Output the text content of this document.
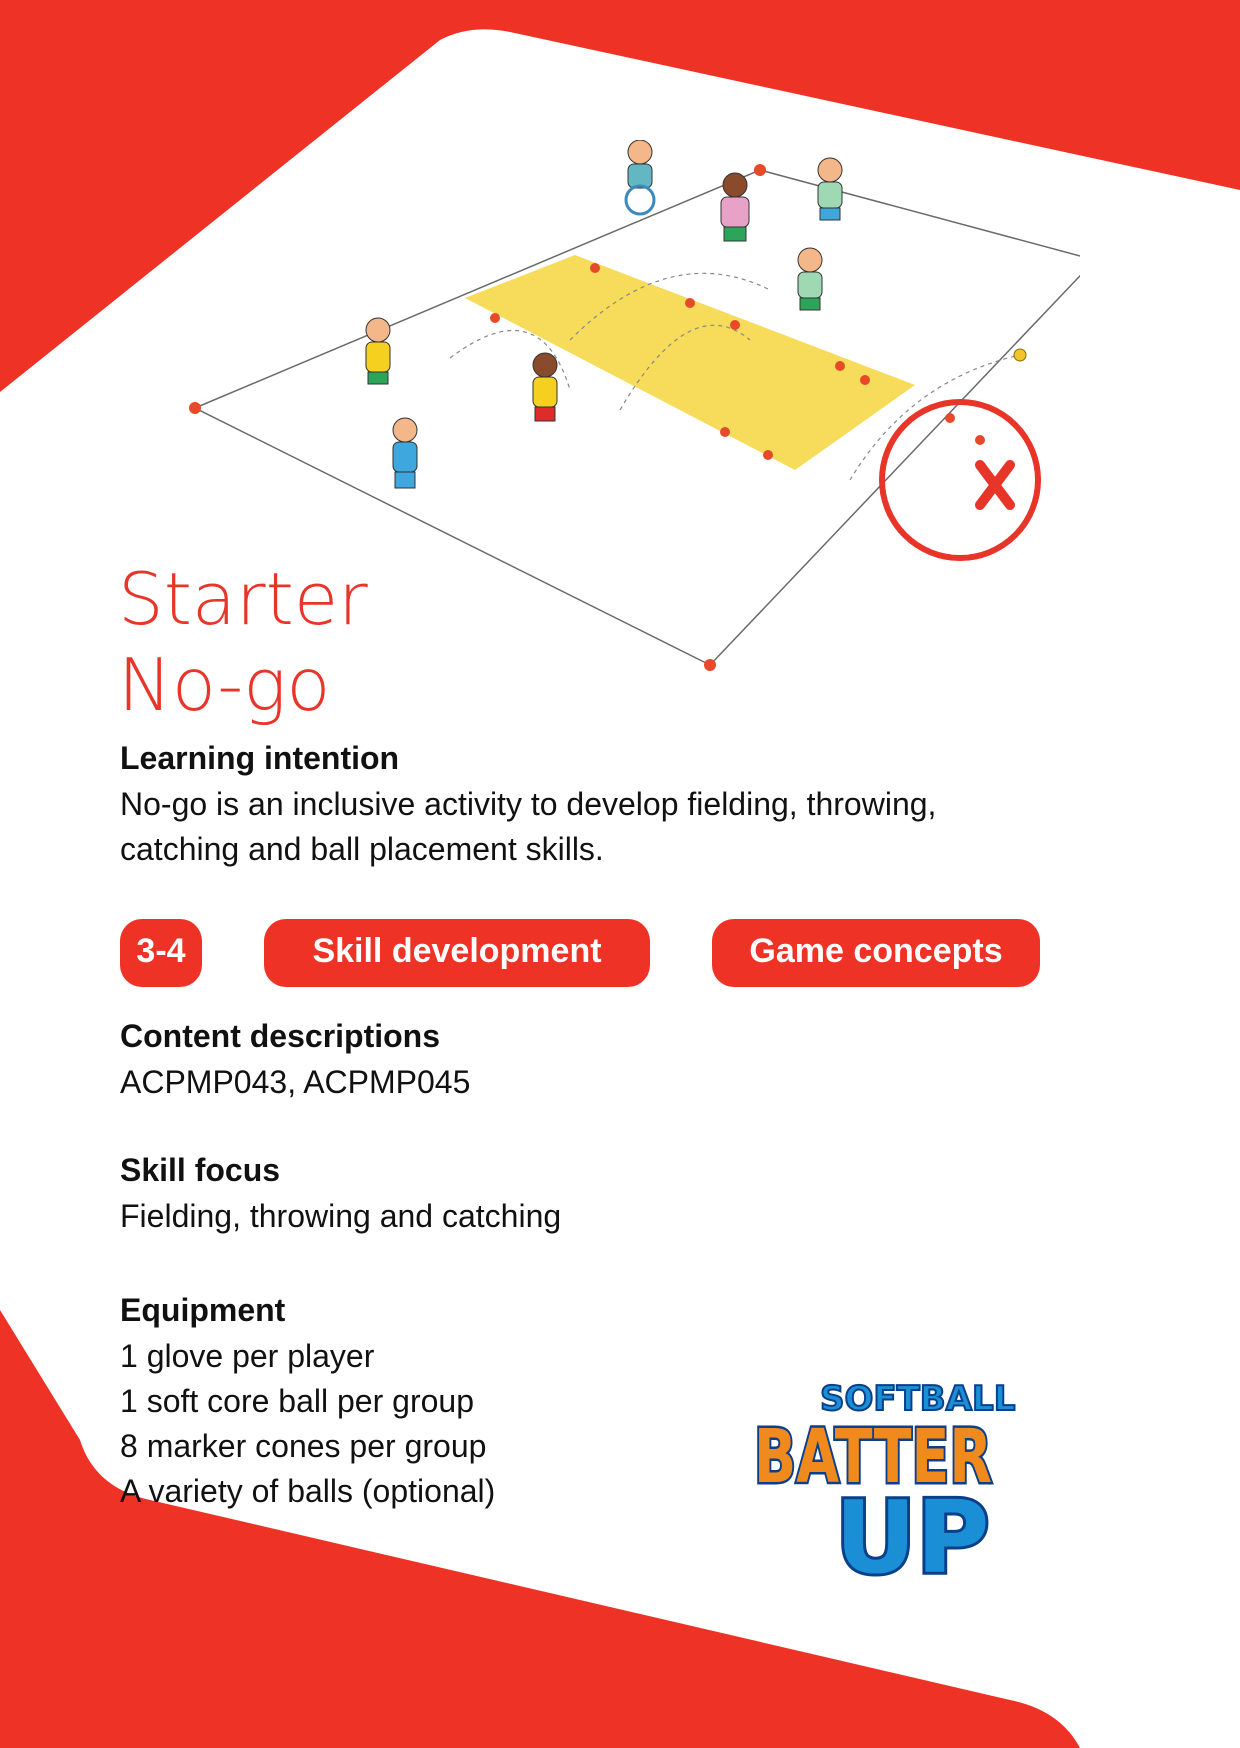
Starter
No-go
Learning intention

No-go is an inclusive activity to develop fielding, throwing, catching and ball placement skills.

3-4	Skill development	Game concepts
Content descriptions

ACPMP043, ACPMP045

Skill focus

Fielding, throwing and catching

Equipment
1 glove per player
1 soft core ball per group
8 marker cones per group
A variety of balls (optional)
SOFTBALL
BATTER
UP
